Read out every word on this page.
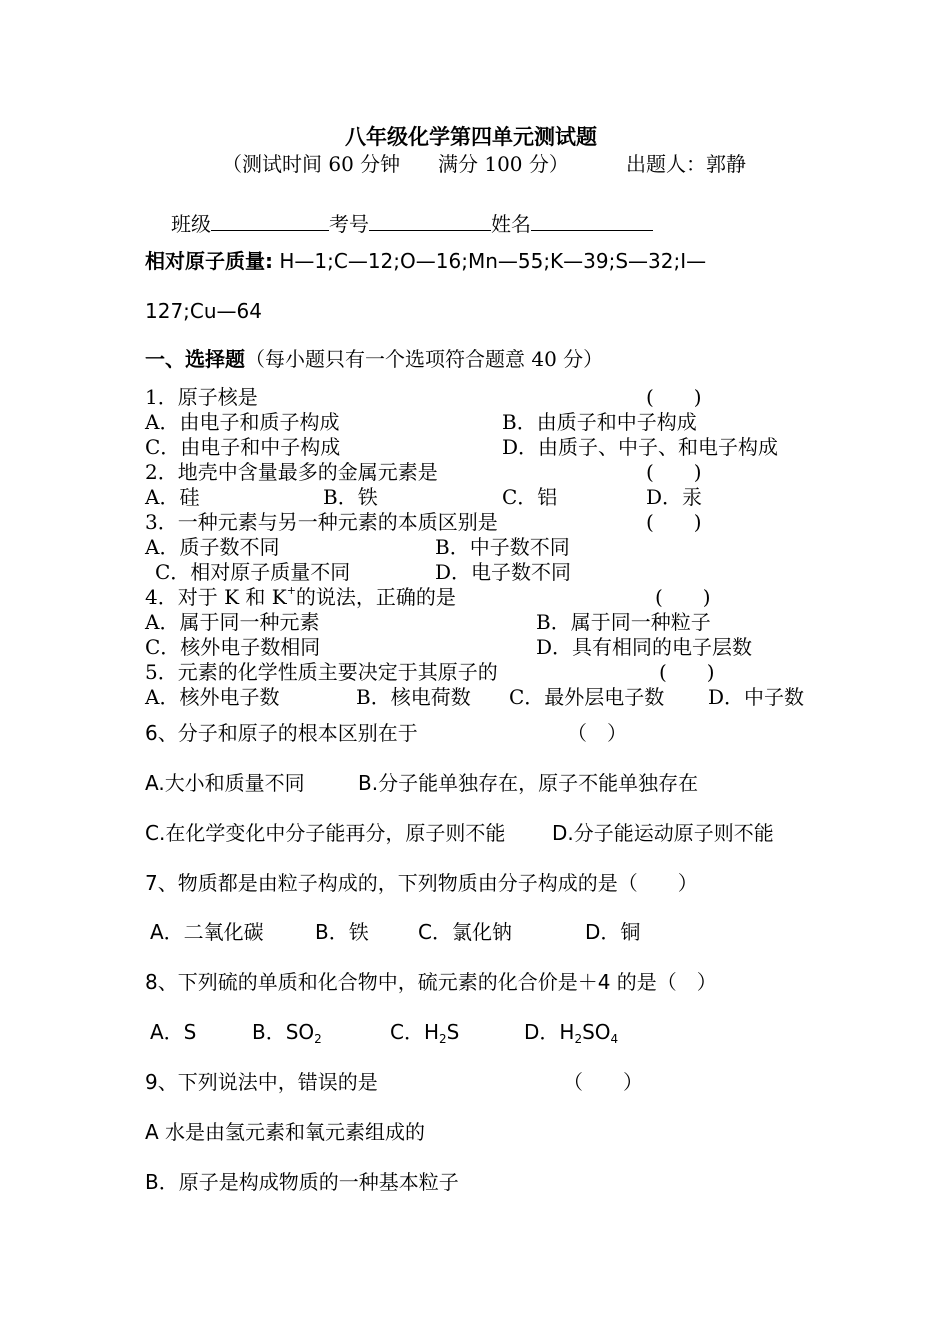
八年级化学第四单元测试题
（测试时间 60 分钟 满分 100 分）	出题人：郭静
班级	考号	姓名
相对原子质量: H—1;C—12;O—16;Mn—55;K—39;S—32;I—
127;Cu—64
一、选择题（每小题只有一个选项符合题意 40 分）
1．原子核是	(　　)
A．由电子和质子构成	B．由质子和中子构成
C．由电子和中子构成	D．由质子、中子、和电子构成
2．地壳中含量最多的金属元素是	(　　)
A．硅	B．铁	C．铝	D．汞
3．一种元素与另一种元素的本质区别是	(　　)
A．质子数不同	B．中子数不同
C．相对原子质量不同	D．电子数不同
4．对于 K 和 K+的说法，正确的是	(　　)
A．属于同一种元素	B．属于同一种粒子
C．核外电子数相同	D．具有相同的电子层数
5．元素的化学性质主要决定于其原子的	(　　)
A．核外电子数	B．核电荷数 C．最外层电子数 D．中子数
6、分子和原子的根本区别在于	（　）
A.大小和质量不同	B.分子能单独存在，原子不能单独存在
C.在化学变化中分子能再分，原子则不能 D.分子能运动原子则不能
7、物质都是由粒子构成的，下列物质由分子构成的是（　　）
A．二氧化碳	B．铁 C．氯化钠	D．铜
8、下列硫的单质和化合物中，硫元素的化合价是＋4 的是（　）
A．S	B．$SO_2$	C．$H_2S$	D．$H_2SO_4$
9、下列说法中，错误的是	（　　）
A 水是由氢元素和氧元素组成的
B．原子是构成物质的一种基本粒子
